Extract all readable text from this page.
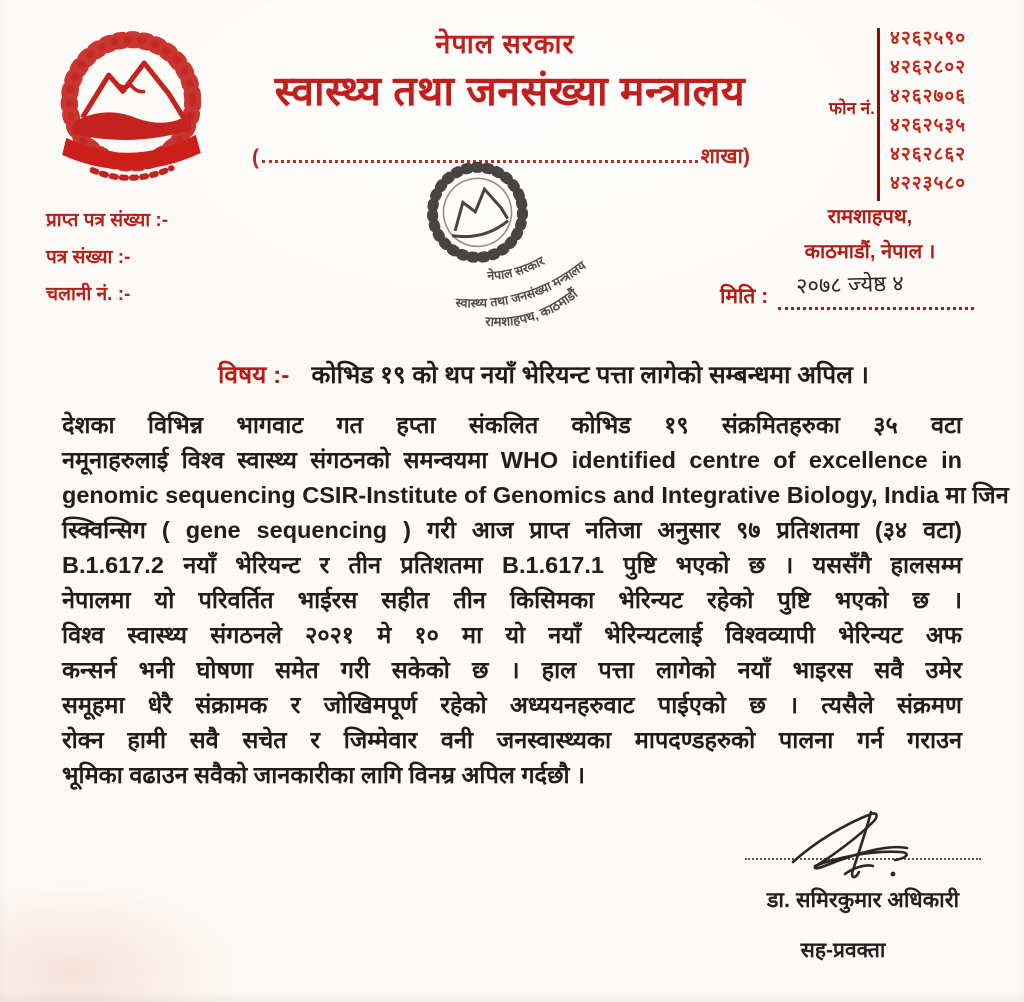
नेपाल सरकार
स्वास्थ्य तथा जनसंख्या मन्त्रालय
(	शाखा)
फोन नं.
४२६२५९०
४२६२८०२
४२६२७०६
४२६२५३५
४२६२८६२
४२२३५८०
प्राप्त पत्र संख्या :-
पत्र संख्या :-
चलानी नं. :-
नेपाल सरकार
स्वास्थ्य तथा जनसंख्या मन्त्रालय
रामशाहपथ, काठमाडौं
रामशाहपथ,
काठमाडौं, नेपाल ।
मिति : २०७८ ज्येष्ठ ४
विषय :- कोभिड १९ को थप नयाँ भेरियन्ट पत्ता लागेको सम्बन्धमा अपिल ।
देशका विभिन्न भागवाट गत हप्ता संकलित कोभिड १९ संक्रमितहरुका ३५ वटा
नमूनाहरुलाई विश्व स्वास्थ्य संगठनको समन्वयमा WHO identified centre of excellence in
genomic sequencing CSIR-Institute of Genomics and Integrative Biology, India मा जिन
स्क्विन्सिग ( gene sequencing ) गरी आज प्राप्त नतिजा अनुसार ९७ प्रतिशतमा (३४ वटा)
B.1.617.2 नयाँ भेरियन्ट र तीन प्रतिशतमा B.1.617.1 पुष्टि भएको छ । यससँगै हालसम्म
नेपालमा यो परिवर्तित भाईरस सहीत तीन किसिमका भेरिन्यट रहेको पुष्टि भएको छ ।
विश्व स्वास्थ्य संगठनले २०२१ मे १० मा यो नयाँ भेरिन्यटलाई विश्वव्यापी भेरिन्यट अफ
कन्सर्न भनी घोषणा समेत गरी सकेको छ । हाल पत्ता लागेको नयाँ भाइरस सवै उमेर
समूहमा धेरै संक्रामक र जोखिमपूर्ण रहेको अध्ययनहरुवाट पाईएको छ । त्यसैले संक्रमण
रोक्न हामी सवै सचेत र जिम्मेवार वनी जनस्वास्थ्यका मापदण्डहरुको पालना गर्न गराउन
भूमिका वढाउन सवैको जानकारीका लागि विनम्र अपिल गर्दछौ ।
डा. समिरकुमार अधिकारी
सह-प्रवक्ता
